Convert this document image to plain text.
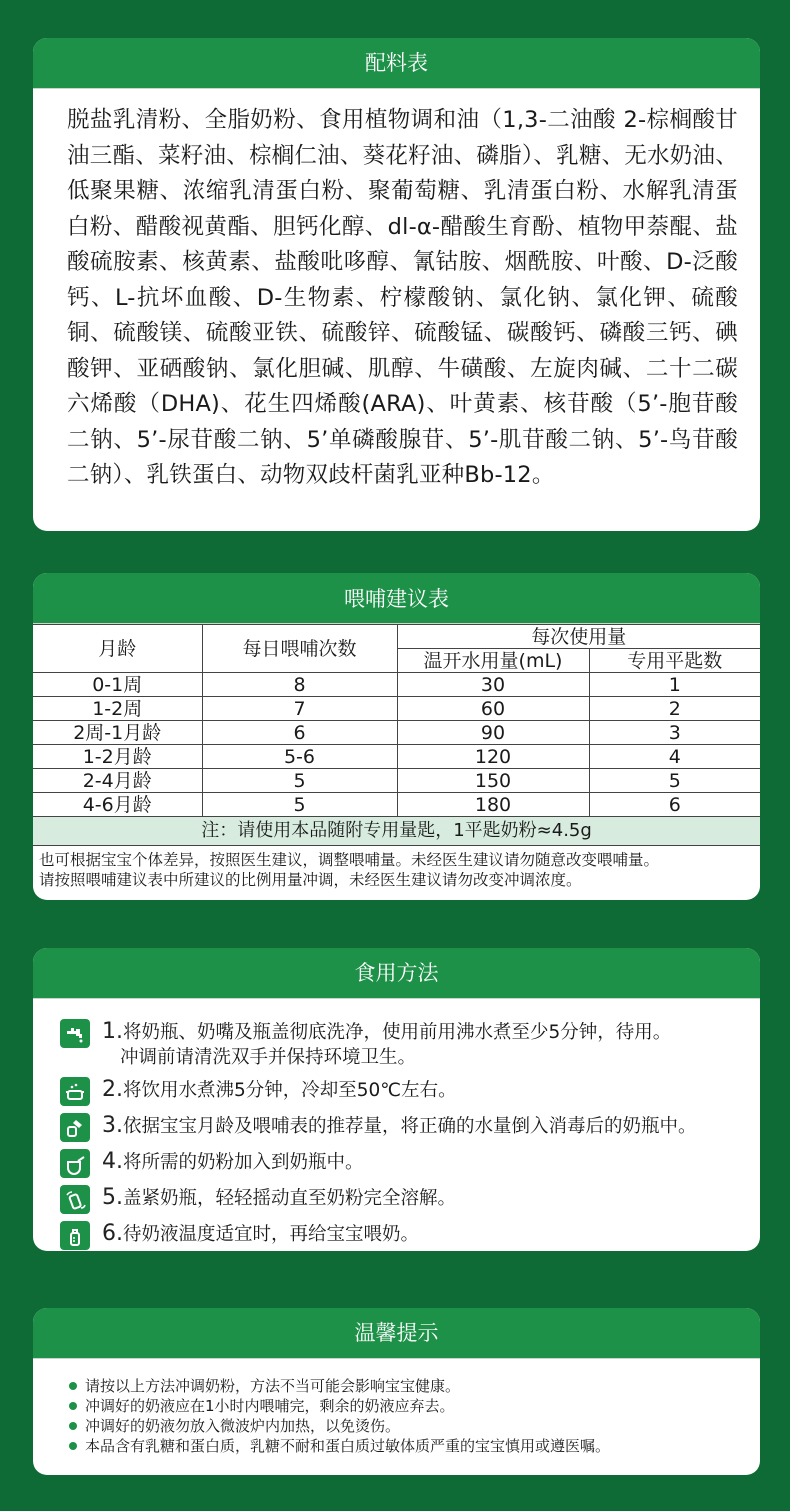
配料表
脱盐乳清粉、全脂奶粉、食用植物调和油（1,3-二油酸 2-棕榈酸甘油三酯、菜籽油、棕榈仁油、葵花籽油、磷脂）、乳糖、无水奶油、低聚果糖、浓缩乳清蛋白粉、聚葡萄糖、乳清蛋白粉、水解乳清蛋白粉、醋酸视黄酯、胆钙化醇、dl-α-醋酸生育酚、植物甲萘醌、盐酸硫胺素、核黄素、盐酸吡哆醇、氰钴胺、烟酰胺、叶酸、D-泛酸钙、L-抗坏血酸、D-生物素、柠檬酸钠、氯化钠、氯化钾、硫酸铜、硫酸镁、硫酸亚铁、硫酸锌、硫酸锰、碳酸钙、磷酸三钙、碘酸钾、亚硒酸钠、氯化胆碱、肌醇、牛磺酸、左旋肉碱、二十二碳六烯酸（DHA)、花生四烯酸(ARA)、叶黄素、核苷酸（5’-胞苷酸二钠、5’-尿苷酸二钠、5’单磷酸腺苷、5’-肌苷酸二钠、5’-鸟苷酸二钠）、乳铁蛋白、动物双歧杆菌乳亚种Bb-12。
喂哺建议表
月龄	每日喂哺次数	每次使用量	
		温开水用量(mL)	专用平匙数
0-1周	8	30	1
1-2周	7	60	2
2周-1月龄	6	90	3
1-2月龄	5-6	120	4
2-4月龄	5	150	5
4-6月龄	5	180	6
注：请使用本品随附专用量匙，1平匙奶粉≈4.5g			
也可根据宝宝个体差异，按照医生建议，调整喂哺量。未经医生建议请勿随意改变喂哺量。
请按照喂哺建议表中所建议的比例用量冲调，未经医生建议请勿改变冲调浓度。
食用方法
1.将奶瓶、奶嘴及瓶盖彻底洗净，使用前用沸水煮至少5分钟，待用。
冲调前请清洗双手并保持环境卫生。
2.将饮用水煮沸5分钟，冷却至50℃左右。
3.依据宝宝月龄及喂哺表的推荐量，将正确的水量倒入消毒后的奶瓶中。
4.将所需的奶粉加入到奶瓶中。
5.盖紧奶瓶，轻轻摇动直至奶粉完全溶解。
6.待奶液温度适宜时，再给宝宝喂奶。
温馨提示
请按以上方法冲调奶粉，方法不当可能会影响宝宝健康。
冲调好的奶液应在1小时内喂哺完，剩余的奶液应弃去。
冲调好的奶液勿放入微波炉内加热，以免烫伤。
本品含有乳糖和蛋白质，乳糖不耐和蛋白质过敏体质严重的宝宝慎用或遵医嘱。
